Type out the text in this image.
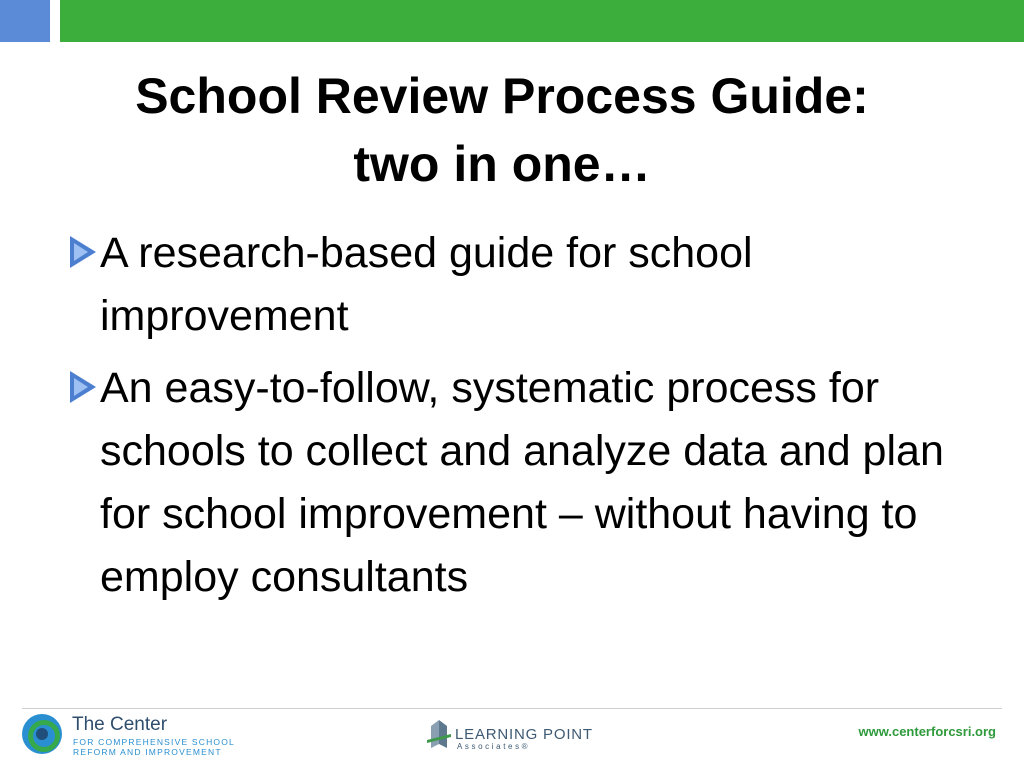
School Review Process Guide:
two in one…
A research-based guide for school improvement
An easy-to-follow, systematic process for schools to collect and analyze data and plan for school improvement – without having to employ consultants
The Center
FOR COMPREHENSIVE SCHOOL
REFORM AND IMPROVEMENT
LEARNING POINT
Associates®
www.centerforcsri.org
